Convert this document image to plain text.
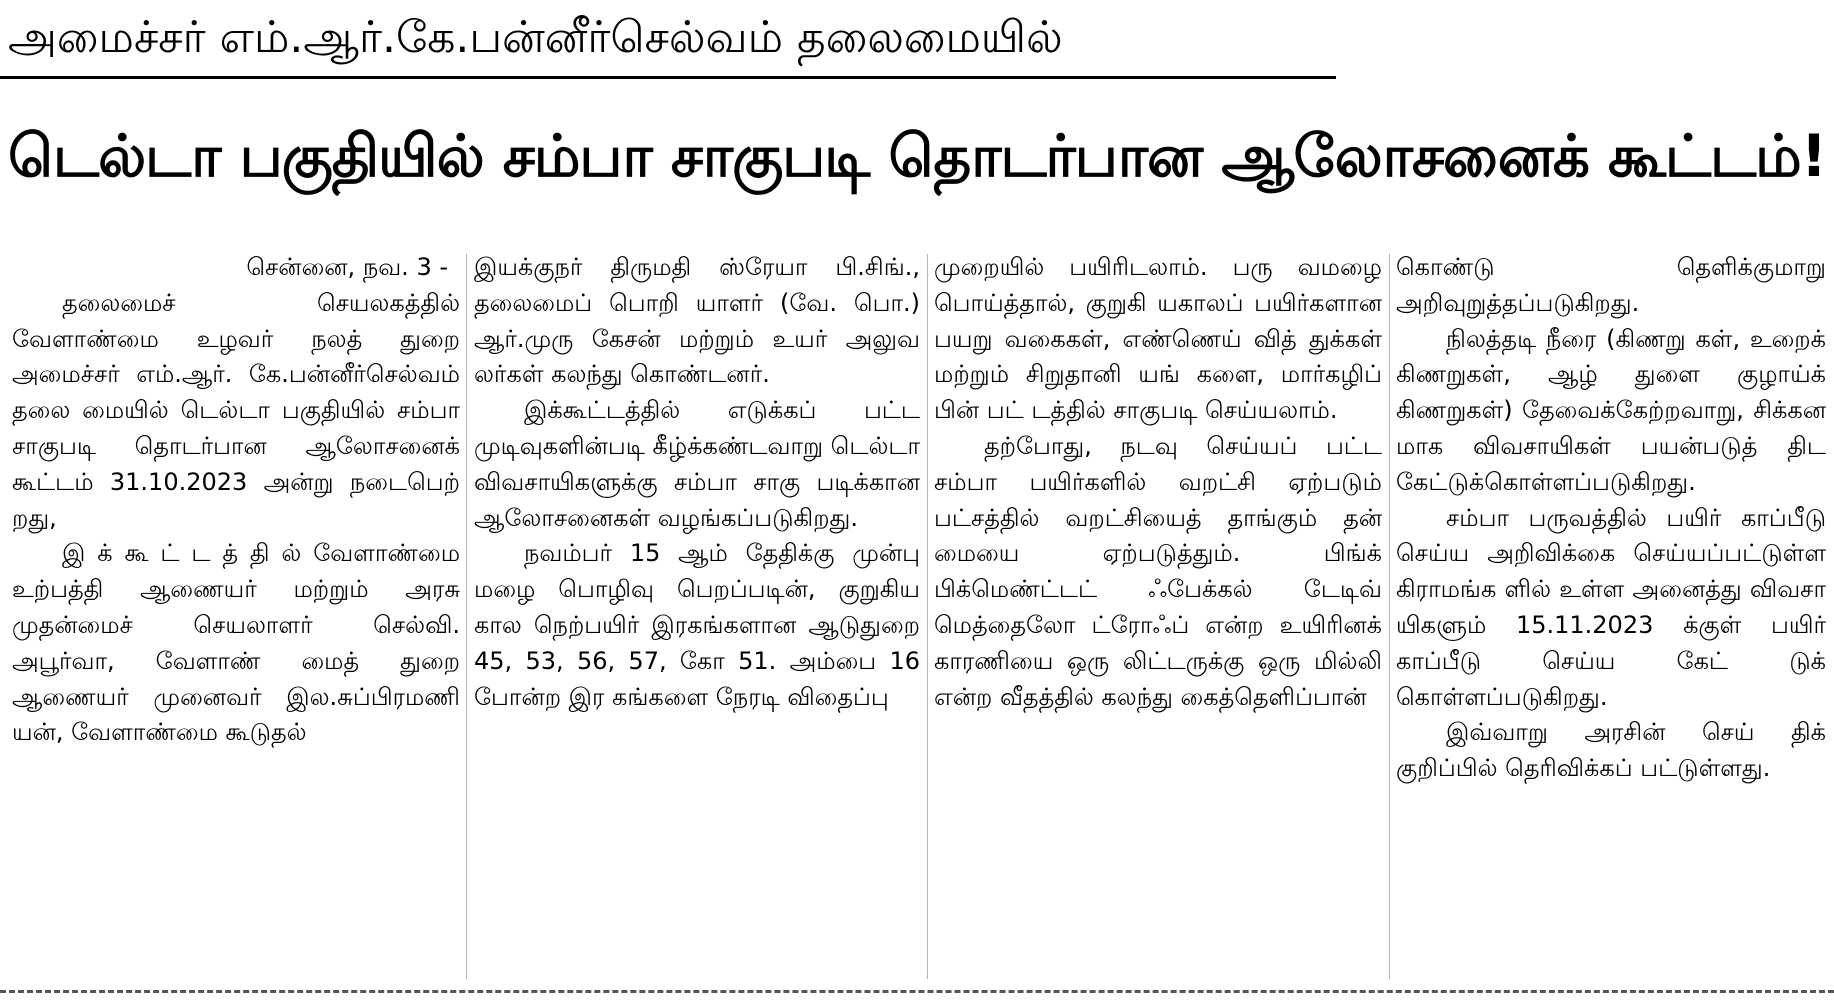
அமைச்சர் எம்.ஆர்.கே.பன்னீர்செல்வம் தலைமையில்
டெல்டா பகுதியில் சம்பா சாகுபடி தொடர்பான ஆலோசனைக் கூட்டம்!

சென்னை, நவ. 3 -

தலைமைச் செயலகத்தில் வேளாண்மை உழவர் நலத் துறை அமைச்சர் எம்.ஆர். கே.பன்னீர்செல்வம் தலை மையில் டெல்டா பகுதியில் சம்பா சாகுபடி தொடர்பான ஆலோசனைக் கூட்டம் 31.10.2023 அன்று நடைபெற் றது,

இ க் கூ ட் ட த் தி ல் வேளாண்மை உற்பத்தி ஆணையர் மற்றும் அரசு முதன்மைச் செயலாளர் செல்வி. அபூர்வா, வேளாண் மைத் துறை ஆணையர் முனைவர் இல.சுப்பிரமணி யன், வேளாண்மை கூடுதல்

இயக்குநர் திருமதி ஸ்ரேயா பி.சிங்., தலைமைப் பொறி யாளர் (வே. பொ.) ஆர்.முரு கேசன் மற்றும் உயர் அலுவ லர்கள் கலந்து கொண்டனர்.

இக்கூட்டத்தில் எடுக்கப் பட்ட முடிவுகளின்படி கீழ்க்கண்டவாறு டெல்டா விவசாயிகளுக்கு சம்பா சாகு படிக்கான ஆலோசனைகள் வழங்கப்படுகிறது.

நவம்பர் 15 ஆம் தேதிக்கு முன்பு மழை பொழிவு பெறப்படின், குறுகிய கால நெற்பயிர் இரகங்களான ஆடுதுறை 45, 53, 56, 57, கோ 51. அம்பை 16 போன்ற இர கங்களை நேரடி விதைப்பு

முறையில் பயிரிடலாம். பரு வமழை பொய்த்தால், குறுகி யகாலப் பயிர்களான பயறு வகைகள், எண்ணெய் வித் துக்கள் மற்றும் சிறுதானி யங் களை, மார்கழிப் பின் பட் டத்தில் சாகுபடி செய்யலாம்.

தற்போது, நடவு செய்யப் பட்ட சம்பா பயிர்களில் வறட்சி ஏற்படும் பட்சத்தில் வறட்சியைத் தாங்கும் தன் மையை ஏற்படுத்தும். பிங்க் பிக்மெண்ட்டட் ஃபேக்கல் டேடிவ் மெத்தைலோ ட்ரோஃப் என்ற உயிரினக் காரணியை ஒரு லிட்டருக்கு ஒரு மில்லி என்ற வீதத்தில் கலந்து கைத்தெளிப்பான்

கொண்டு தெளிக்குமாறு அறிவுறுத்தப்படுகிறது.

நிலத்தடி நீரை (கிணறு கள், உறைக் கிணறுகள், ஆழ் துளை குழாய்க் கிணறுகள்) தேவைக்கேற்றவாறு, சிக்கன மாக விவசாயிகள் பயன்படுத் திட கேட்டுக்கொள்ளப்படுகிறது.

சம்பா பருவத்தில் பயிர் காப்பீடு செய்ய அறிவிக்கை செய்யப்பட்டுள்ள கிராமங்க ளில் உள்ள அனைத்து விவசா யிகளும் 15.11.2023 க்குள் பயிர் காப்பீடு செய்ய கேட் டுக் கொள்ளப்படுகிறது.

இவ்வாறு அரசின் செய் திக் குறிப்பில் தெரிவிக்கப் பட்டுள்ளது.
